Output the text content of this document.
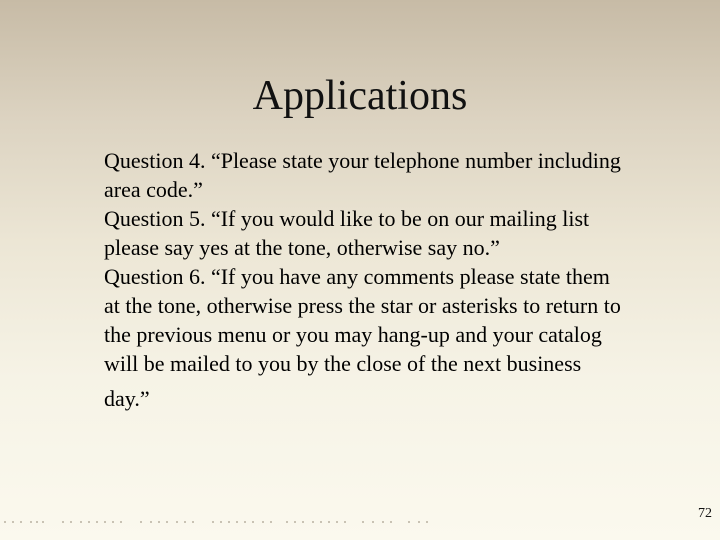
Applications

Question 4. “Please state your telephone number including
area code.”

Question 5. “If you would like to be on our mailing list
please say yes at the tone, otherwise say no.”

Question 6. “If you have any comments please state them
at the tone, otherwise press the star or asterisks to return to
the previous menu or you may hang-up and your catalog
will be mailed to you by the close of the next business
day.”

72
